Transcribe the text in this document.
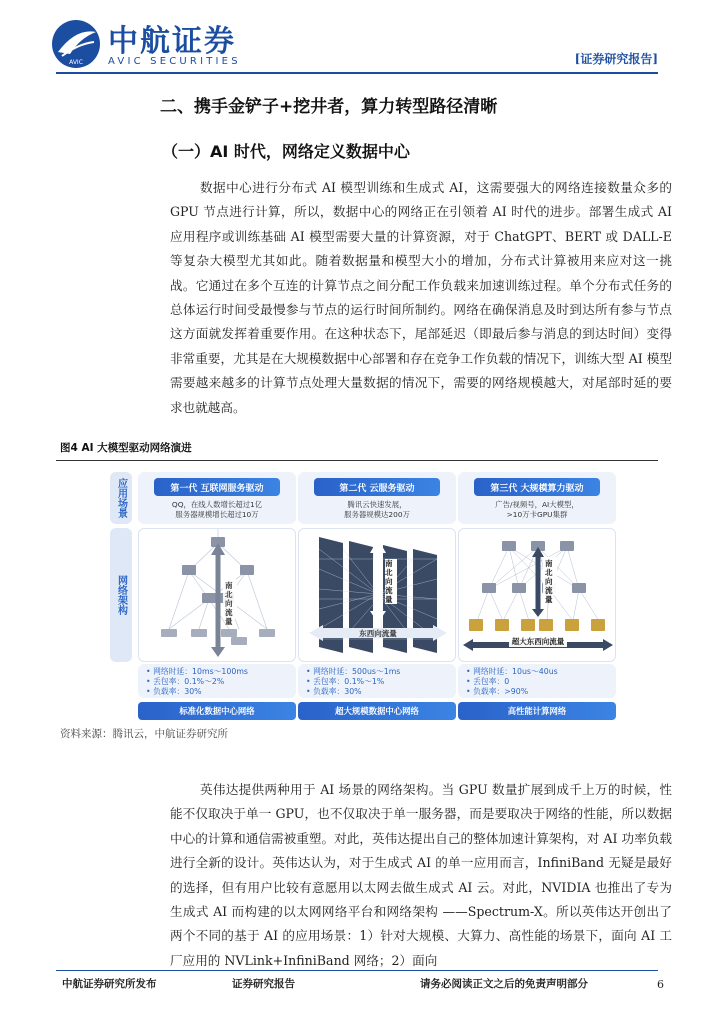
AVIC
中航证券
AVIC SECURITIES	[证券研究报告]
二、携手金铲子+挖井者，算力转型路径清晰
（一）AI 时代，网络定义数据中心

数据中心进行分布式 AI 模型训练和生成式 AI，这需要强大的网络连接数量众多的 GPU 节点进行计算，所以，数据中心的网络正在引领着 AI 时代的进步。部署生成式 AI 应用程序或训练基础 AI 模型需要大量的计算资源，对于 ChatGPT、BERT 或 DALL-E 等复杂大模型尤其如此。随着数据量和模型大小的增加，分布式计算被用来应对这一挑战。它通过在多个互连的计算节点之间分配工作负载来加速训练过程。单个分布式任务的总体运行时间受最慢参与节点的运行时间所制约。网络在确保消息及时到达所有参与节点这方面就发挥着重要作用。在这种状态下，尾部延迟（即最后参与消息的到达时间）变得非常重要，尤其是在大规模数据中心部署和存在竞争工作负载的情况下，训练大型 AI 模型需要越来越多的计算节点处理大量数据的情况下，需要的网络规模越大，对尾部时延的要求也就越高。

图4 AI 大模型驱动网络演进
应用场景
网络架构
第一代 互联网服务驱动
QQ，在线人数增长超过1亿
服务器规模增长超过10万
南北向流量
• 网络时延：10ms～100ms
• 丢包率：0.1%～2%
• 负载率：30%
标准化数据中心网络
第二代 云服务驱动
腾讯云快速发展，
服务器规模达200万
南北向流量
东西向流量
• 网络时延：500us～1ms
• 丢包率：0.1%～1%
• 负载率：30%
超大规模数据中心网络
第三代 大规模算力驱动
广告/视频号，AI大模型，
>10万卡GPU集群
南北向流量
超大东西向流量
• 网络时延：10us～40us
• 丢包率：0
• 负载率：>90%
高性能计算网络
资料来源：腾讯云，中航证券研究所

英伟达提供两种用于 AI 场景的网络架构。当 GPU 数量扩展到成千上万的时候，性能不仅取决于单一 GPU，也不仅取决于单一服务器，而是要取决于网络的性能，所以数据中心的计算和通信需被重塑。对此，英伟达提出自己的整体加速计算架构，对 AI 功率负载进行全新的设计。英伟达认为，对于生成式 AI 的单一应用而言，InfiniBand 无疑是最好的选择，但有用户比较有意愿用以太网去做生成式 AI 云。对此，NVIDIA 也推出了专为生成式 AI 而构建的以太网网络平台和网络架构 ——Spectrum-X。所以英伟达开创出了两个不同的基于 AI 的应用场景：1）针对大规模、大算力、高性能的场景下，面向 AI 工厂应用的 NVLink+InfiniBand 网络；2）面向

中航证券研究所发布	证券研究报告	请务必阅读正文之后的免责声明部分	6
